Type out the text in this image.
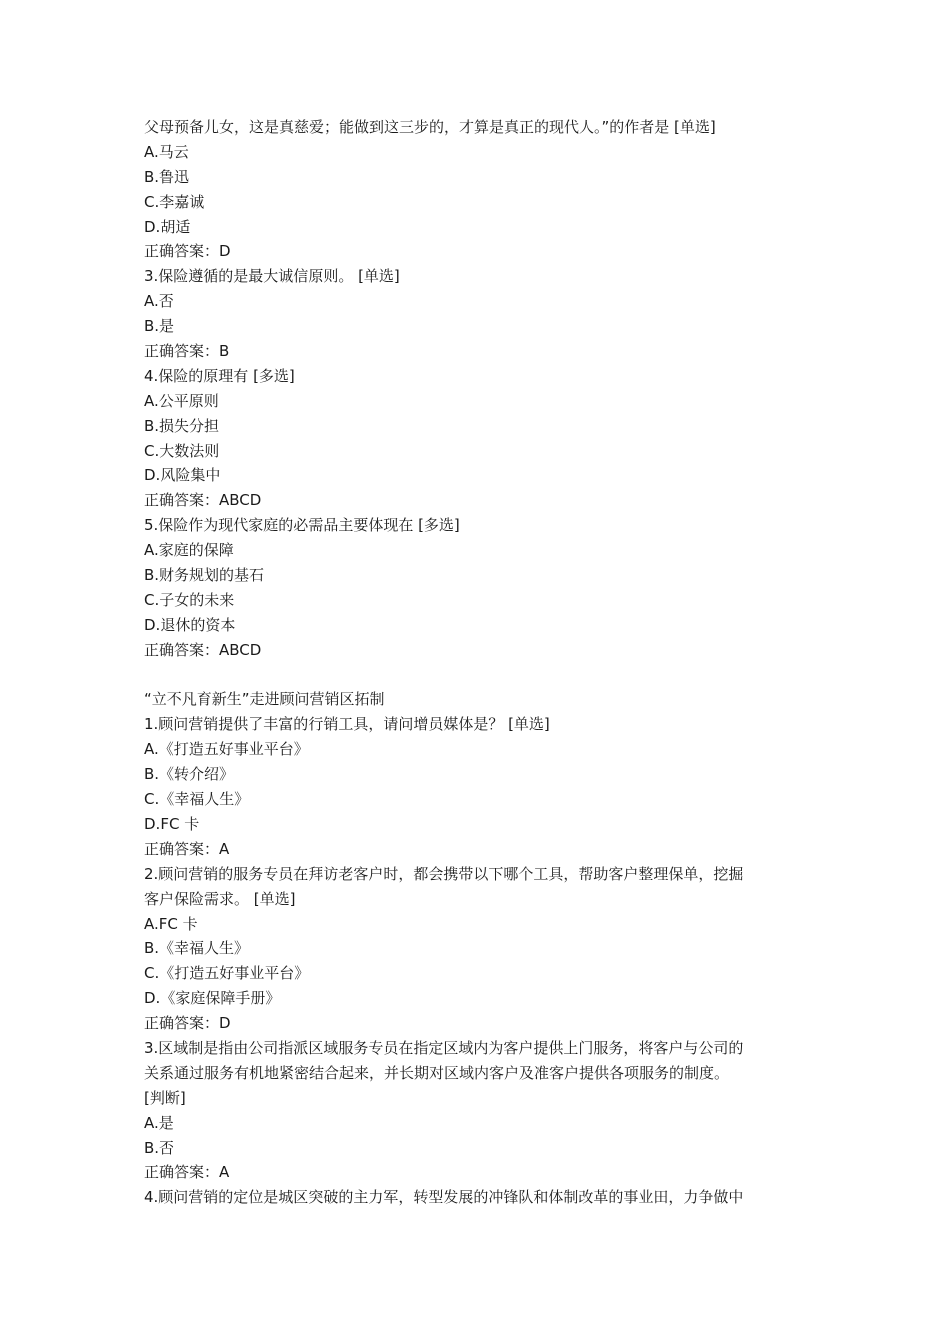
父母预备儿女，这是真慈爱；能做到这三步的，才算是真正的现代人。”的作者是 [单选]
A.马云
B.鲁迅
C.李嘉诚
D.胡适
正确答案：D
3.保险遵循的是最大诚信原则。 [单选]
A.否
B.是
正确答案：B
4.保险的原理有 [多选]
A.公平原则
B.损失分担
C.大数法则
D.风险集中
正确答案：ABCD
5.保险作为现代家庭的必需品主要体现在 [多选]
A.家庭的保障
B.财务规划的基石
C.子女的未来
D.退休的资本
正确答案：ABCD
“立不凡育新生”走进顾问营销区拓制
1.顾问营销提供了丰富的行销工具，请问增员媒体是？ [单选]
A.《打造五好事业平台》
B.《转介绍》
C.《幸福人生》
D.FC 卡
正确答案：A
2.顾问营销的服务专员在拜访老客户时，都会携带以下哪个工具，帮助客户整理保单，挖掘
客户保险需求。 [单选]
A.FC 卡
B.《幸福人生》
C.《打造五好事业平台》
D.《家庭保障手册》
正确答案：D
3.区域制是指由公司指派区域服务专员在指定区域内为客户提供上门服务，将客户与公司的
关系通过服务有机地紧密结合起来，并长期对区域内客户及准客户提供各项服务的制度。
[判断]
A.是
B.否
正确答案：A
4.顾问营销的定位是城区突破的主力军，转型发展的冲锋队和体制改革的事业田，力争做中
